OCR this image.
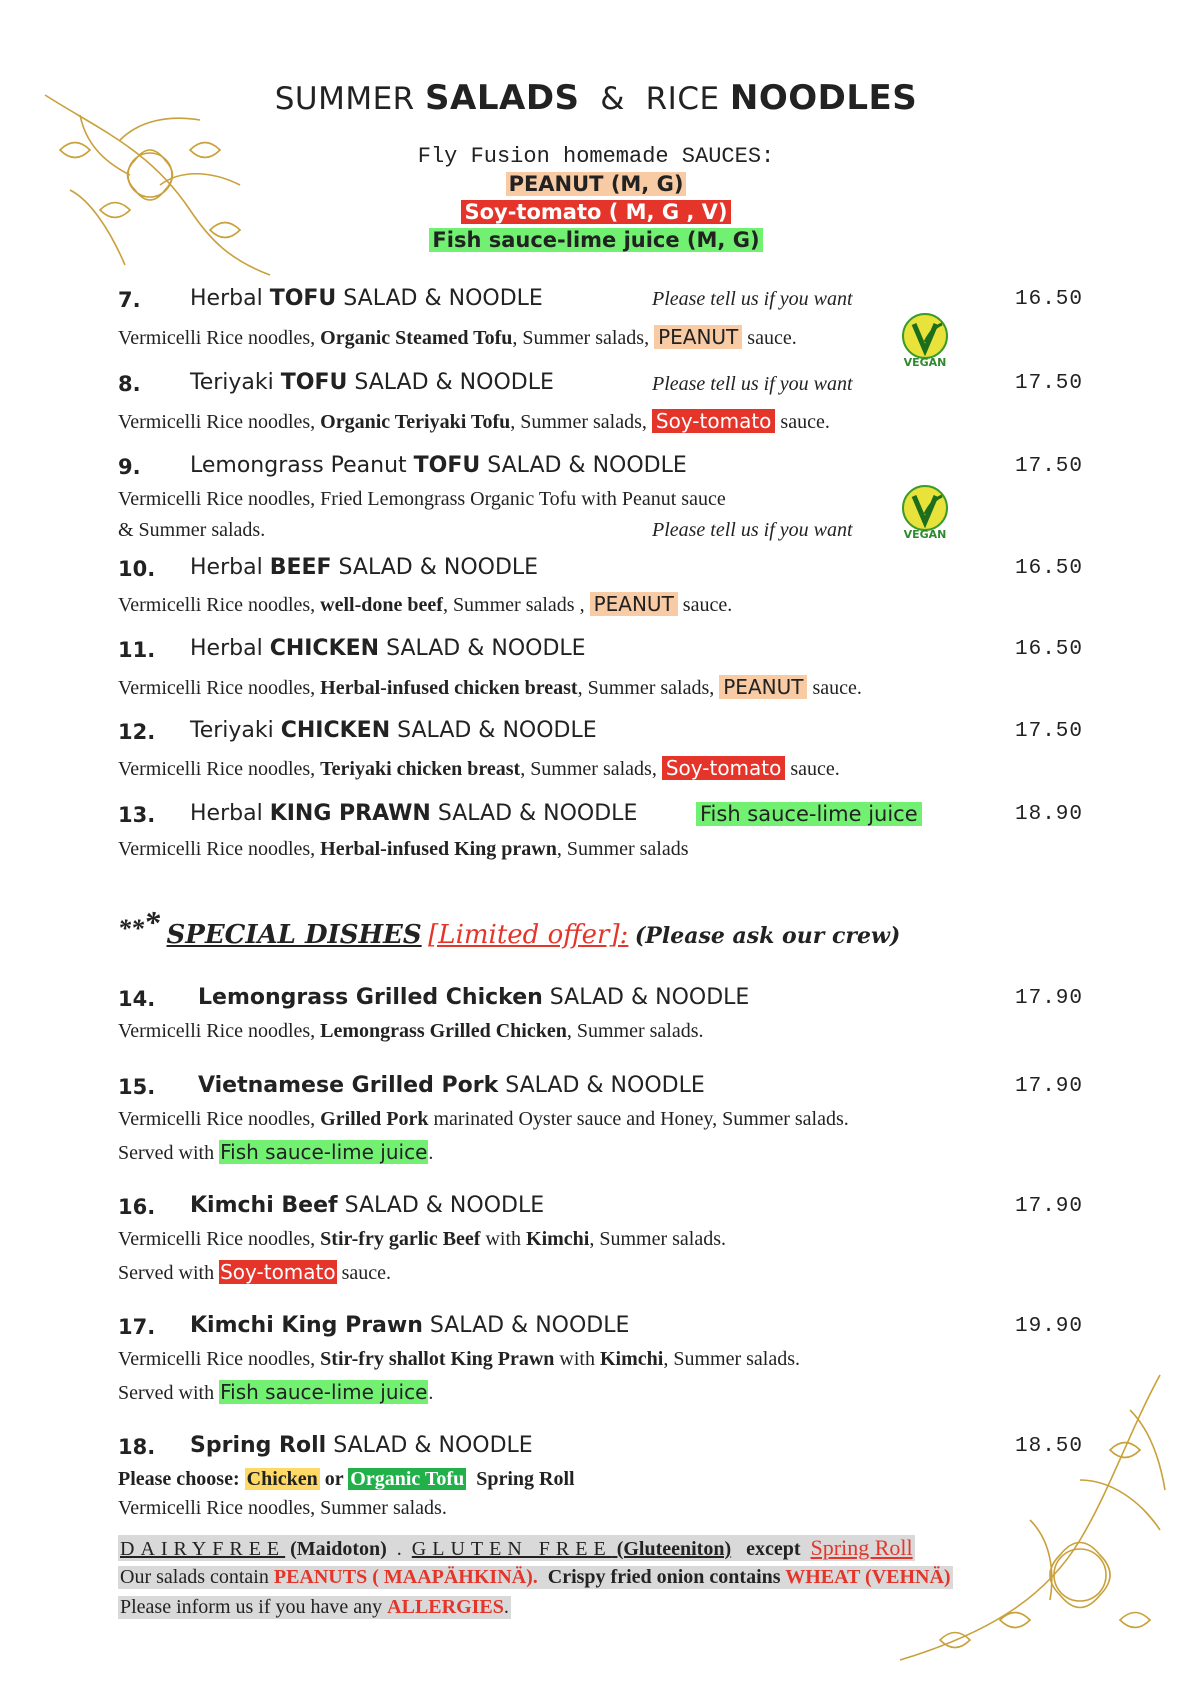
SUMMER SALADS  &  RICE NOODLES
Fly Fusion homemade SAUCES:
PEANUT (M, G)
Soy-tomato ( M, G , V)
Fish sauce-lime juice (M, G)
7. Herbal TOFU SALAD & NOODLE	Please tell us if you want	16.50
Vermicelli Rice noodles, Organic Steamed Tofu, Summer salads, PEANUT sauce.
VEGAN
8. Teriyaki TOFU SALAD & NOODLE	Please tell us if you want	17.50
Vermicelli Rice noodles, Organic Teriyaki Tofu, Summer salads, Soy-tomato sauce.
9. Lemongrass Peanut TOFU SALAD & NOODLE	17.50
Vermicelli Rice noodles, Fried Lemongrass Organic Tofu with Peanut sauce
& Summer salads.	Please tell us if you want	VEGAN
10. Herbal BEEF SALAD & NOODLE	16.50
Vermicelli Rice noodles, well-done beef, Summer salads , PEANUT sauce.
11. Herbal CHICKEN SALAD & NOODLE	16.50
Vermicelli Rice noodles, Herbal-infused chicken breast, Summer salads, PEANUT sauce.
12. Teriyaki CHICKEN SALAD & NOODLE	17.50
Vermicelli Rice noodles, Teriyaki chicken breast, Summer salads, Soy-tomato sauce.
13. Herbal KING PRAWN SALAD & NOODLE	Fish sauce-lime juice	18.90
Vermicelli Rice noodles, Herbal-infused King prawn, Summer salads
*** SPECIAL DISHES [Limited offer]: (Please ask our crew)
14. Lemongrass Grilled Chicken SALAD & NOODLE	17.90
Vermicelli Rice noodles, Lemongrass Grilled Chicken, Summer salads.
15. Vietnamese Grilled Pork SALAD & NOODLE	17.90
Vermicelli Rice noodles, Grilled Pork marinated Oyster sauce and Honey, Summer salads.
Served with Fish sauce-lime juice.
16. Kimchi Beef SALAD & NOODLE	17.90
Vermicelli Rice noodles, Stir-fry garlic Beef with Kimchi, Summer salads.
Served with Soy-tomato sauce.
17. Kimchi King Prawn SALAD & NOODLE	19.90
Vermicelli Rice noodles, Stir-fry shallot King Prawn with Kimchi, Summer salads.
Served with Fish sauce-lime juice.
18. Spring Roll SALAD & NOODLE	18.50
Please choose: Chicken or Organic Tofu  Spring Roll
Vermicelli Rice noodles, Summer salads.
DAIRYFREE (Maidoton)  .  GLUTEN FREE (Gluteeniton)   except  Spring Roll
Our salads contain PEANUTS ( MAAPÄHKINÄ).  Crispy fried onion contains WHEAT (VEHNÄ)
Please inform us if you have any ALLERGIES.
